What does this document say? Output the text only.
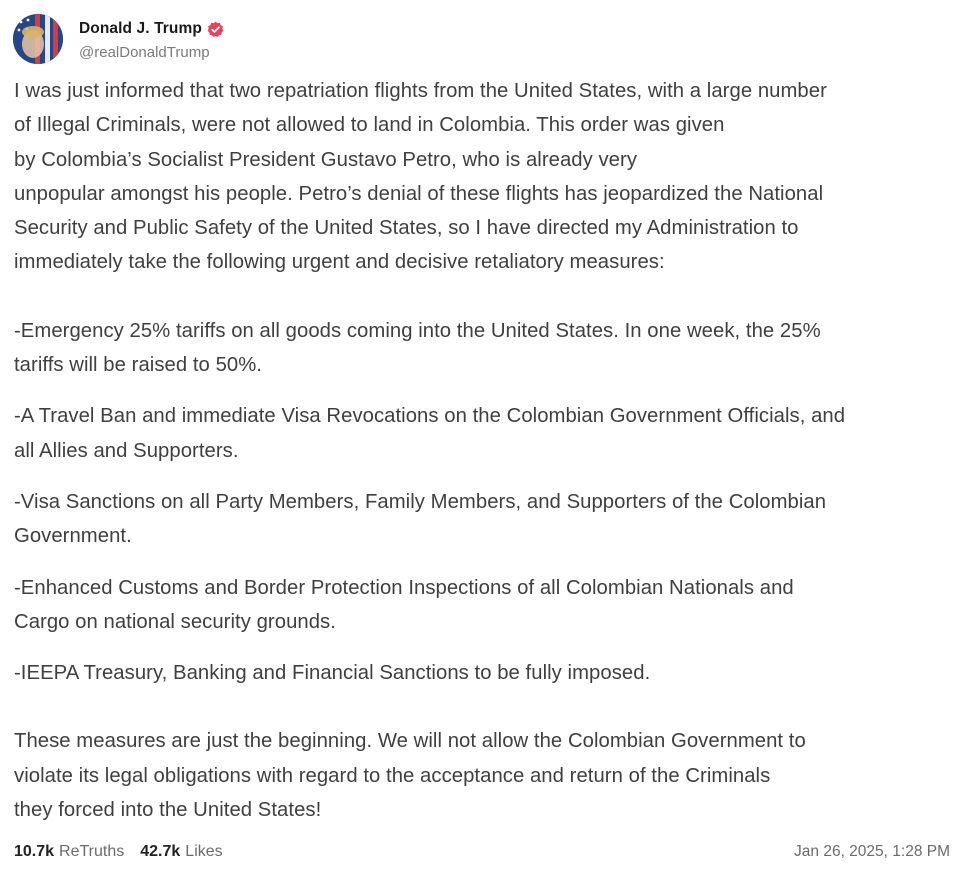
Donald J. Trump
@realDonaldTrump
I was just informed that two repatriation flights from the United States, with a large number
of Illegal Criminals, were not allowed to land in Colombia. This order was given
by Colombia’s Socialist President Gustavo Petro, who is already very
unpopular amongst his people. Petro’s denial of these flights has jeopardized the National
Security and Public Safety of the United States, so I have directed my Administration to
immediately take the following urgent and decisive retaliatory measures:
-Emergency 25% tariffs on all goods coming into the United States. In one week, the 25%
tariffs will be raised to 50%.
-A Travel Ban and immediate Visa Revocations on the Colombian Government Officials, and
all Allies and Supporters.
-Visa Sanctions on all Party Members, Family Members, and Supporters of the Colombian
Government.
-Enhanced Customs and Border Protection Inspections of all Colombian Nationals and
Cargo on national security grounds.
-IEEPA Treasury, Banking and Financial Sanctions to be fully imposed.
These measures are just the beginning. We will not allow the Colombian Government to
violate its legal obligations with regard to the acceptance and return of the Criminals
they forced into the United States!
10.7k ReTruths 42.7k Likes	Jan 26, 2025, 1:28 PM
